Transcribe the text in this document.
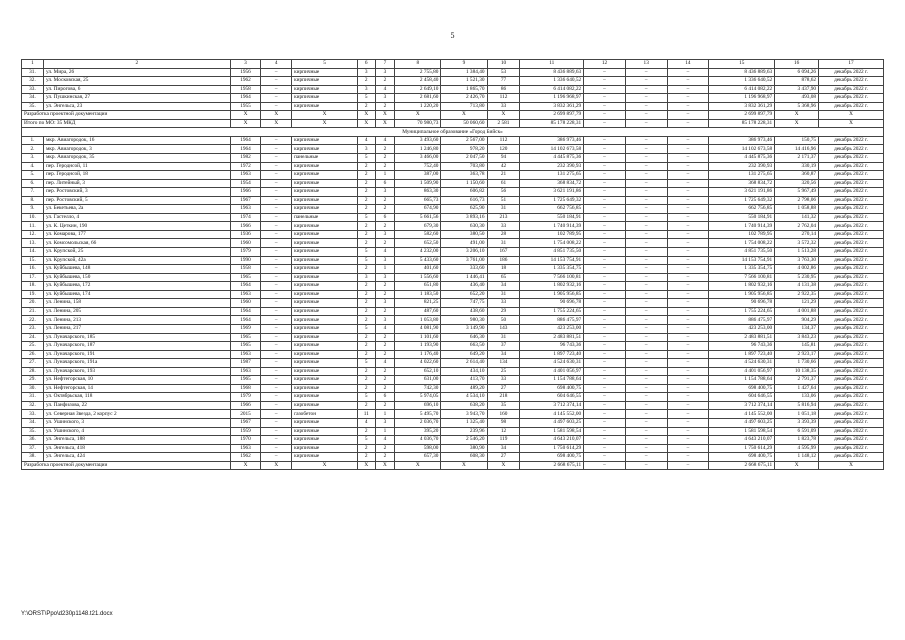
5
1	2	3	4	5	6	7	8	9	10	11	12	13	14	15	16	17
31.	ул. Мира, 26	1956	–	кирпичные	3	3	2 755,80	1 384,40	53	8 436 889,63	–	–	–	8 436 889,63	6 094,26	декабрь 2022 г.
32.	ул. Московская, 25	1962	–	кирпичные	2	2	2 458,40	1 521,30	77	1 336 640,52	–	–	–	1 336 640,52	878,62	декабрь 2022 г.
33.	ул. Пирогова, 6	1958	–	кирпичные	3	4	2 649,10	1 865,70	86	6 414 082,22	–	–	–	6 414 082,22	3 437,90	декабрь 2022 г.
34.	ул. Пушкинская, 27	1964	–	кирпичные	5	3	2 681,60	2 426,70	112	1 196 968,97	–	–	–	1 196 968,97	493,08	декабрь 2022 г.
35.	ул. Энгельса, 23	1955	–	кирпичные	2	2	1 220,20	713,80	33	3 832 361,29	–	–	–	3 832 361,29	5 368,96	декабрь 2022 г.
Разработка проектной документации		X	X	X	X	X	X	X	X	2 699 897,79	–	–	–	2 699 897,79	X	X
Итого по МО: 35 МКД		X	X	X	X	X	70 980,73	50 060,60	2 581	85 178 228,31	–	–	–	85 178 228,31	X	X
Муниципальное образование «Город Бийск»																
1.	мкр. Авиагородок, 16	1964	–	кирпичные	4	4	3 493,60	2 567,00	112	386 973,46	–	–	–	386 973,46	150,75	декабрь 2022 г.
2.	мкр. Авиагородок, 3	1964	–	кирпичные	3	2	1 246,80	978,20	120	14 102 673,58	–	–	–	14 102 673,58	14 416,96	декабрь 2022 г.
3.	мкр. Авиагородок, 35	1982	–	панельные	5	2	3 466,00	2 047,50	94	4 445 875,36	–	–	–	4 445 875,36	2 171,37	декабрь 2022 г.
4.	пер. Героднсой, 11	1972	–	кирпичные	2	2	752,40	703,80	42	232 390,93	–	–	–	232 390,93	330,19	декабрь 2022 г.
5.	пер. Героднсой, 18	1963	–	кирпичные	2	1	387,00	363,78	21	131 275,65	–	–	–	131 275,65	360,87	декабрь 2022 г.
6.	пер. Литейный, 3	1954	–	кирпичные	2	6	1 509,90	1 150,60	61	368 834,72	–	–	–	368 834,72	320,56	декабрь 2022 г.
7.	пер. Ростовский, 3	1966	–	кирпичные	2	3	863,30	606,82	56	3 621 191,86	–	–	–	3 621 191,86	5 967,49	декабрь 2022 г.
8.	пер. Ростовский, 5	1967	–	кирпичные	2	2	665,73	616,73	51	1 725 649,32	–	–	–	1 725 649,32	2 798,06	декабрь 2022 г.
9.	ул. Бекетьева, 2а	1963	–	кирпичные	2	2	674,90	625,90	31	662 756,85	–	–	–	662 756,85	1 058,88	декабрь 2022 г.
10.	ул. Гастелло, 4	1974	–	панельные	5	6	5 661,56	3 893,16	213	550 184,91	–	–	–	550 184,91	141,32	декабрь 2022 г.
11.	ул. К. Цеткин, 190	1966	–	кирпичные	2	2	679,30	630,30	33	1 740 914,39	–	–	–	1 740 914,39	2 762,04	декабрь 2022 г.
12.	ул. Комарова, 177	1936	–	кирпичные	2	3	582,60	380,50	28	102 789,95	–	–	–	102 789,95	270,14	декабрь 2022 г.
13.	ул. Комсомольская, 66	1960	–	кирпичные	2	2	652,50	491,00	31	1 754 008,22	–	–	–	1 754 008,22	3 572,32	декабрь 2022 г.
14.	ул. Крупской, 25	1979	–	кирпичные	5	4	4 232,00	3 206,10	167	4 851 735,50	–	–	–	4 851 735,50	1 513,28	декабрь 2022 г.
15.	ул. Крупской, 42а	1990	–	кирпичные	5	3	5 433,60	3 761,00	186	14 153 754,91	–	–	–	14 153 754,91	3 763,30	декабрь 2022 г.
16.	ул. Куйбышева, 148	1958	–	кирпичные	2	1	401,60	333,60	18	1 335 354,75	–	–	–	1 335 354,75	4 002,86	декабрь 2022 г.
17.	ул. Куйбышева, 150	1965	–	кирпичные	3	3	1 556,60	1 446,41	65	7 566 100,81	–	–	–	7 566 100,81	5 230,95	декабрь 2022 г.
18.	ул. Куйбышева, 172	1964	–	кирпичные	2	2	651,80	436,40	34	1 802 932,16	–	–	–	1 802 932,16	4 131,38	декабрь 2022 г.
19.	ул. Куйбышева, 174	1963	–	кирпичные	2	2	1 183,50	652,20	31	1 905 956,85	–	–	–	1 905 956,85	2 922,35	декабрь 2022 г.
20.	ул. Ленина, 158	1960	–	кирпичные	2	3	821,25	747,75	33	90 696,78	–	–	–	90 696,78	121,29	декабрь 2022 г.
21.	ул. Ленина, 205	1964	–	кирпичные	2	2	487,60	438,60	29	1 755 224,65	–	–	–	1 755 224,65	4 001,88	декабрь 2022 г.
22.	ул. Ленина, 213	1964	–	кирпичные	2	3	1 053,80	980,30	50	886 475,97	–	–	–	886 475,97	904,29	декабрь 2022 г.
23.	ул. Ленина, 217	1969	–	кирпичные	5	4	4 081,90	3 149,90	143	423 253,00	–	–	–	423 253,00	134,37	декабрь 2022 г.
24.	ул. Луначарского, 185	1965	–	кирпичные	2	2	1 101,60	646,30	31	2 483 881,51	–	–	–	2 483 881,51	3 843,23	декабрь 2022 г.
25.	ул. Луначарского, 187	1965	–	кирпичные	2	2	1 193,90	663,50	37	96 743,36	–	–	–	96 743,36	145,81	декабрь 2022 г.
26.	ул. Луначарского, 191	1963	–	кирпичные	2	2	1 176,40	649,20	34	1 897 723,40	–	–	–	1 897 723,40	2 923,17	декабрь 2022 г.
27.	ул. Луначарского, 191а	1987	–	кирпичные	5	4	4 022,60	2 614,40	134	4 524 630,31	–	–	–	4 524 630,31	1 730,66	декабрь 2022 г.
28.	ул. Луначарского, 193	1963	–	кирпичные	2	2	652,10	434,10	25	4 401 056,97	–	–	–	4 401 056,97	10 138,35	декабрь 2022 г.
29.	ул. Нефтегорская, 10	1965	–	кирпичные	2	2	631,00	413,70	33	1 154 788,64	–	–	–	1 154 788,64	2 791,37	декабрь 2022 г.
30.	ул. Нефтегорская, 14	1968	–	кирпичные	2	2	742,30	489,20	27	698 400,75	–	–	–	698 400,75	1 427,64	декабрь 2022 г.
31.	ул. Октябрьская, 118	1979	–	кирпичные	5	6	5 974,05	4 534,10	218	604 646,55	–	–	–	604 646,55	133,06	декабрь 2022 г.
32.	ул. Панфилова, 22	1966	–	кирпичные	2	2	696,10	638,20	35	3 712 374,14	–	–	–	3 712 374,14	5 816,94	декабрь 2022 г.
33.	ул. Северная Звезда, 2 корпус 2	2015	–	газобетон	11	1	5 495,70	3 943,70	160	4 145 552,00	–	–	–	4 145 552,00	1 051,18	декабрь 2022 г.
34.	ул. Ушинского, 3	1967	–	кирпичные	4	3	2 036,70	1 325,40	98	4 497 603,25	–	–	–	4 497 603,25	3 393,39	декабрь 2022 г.
35.	ул. Ушинского, 4	1959	–	кирпичные	2	1	395,20	239,96	12	1 581 598,54	–	–	–	1 581 598,54	6 591,09	декабрь 2022 г.
36.	ул. Энгельса, 188	1970	–	кирпичные	5	4	4 036,70	2 546,20	119	4 643 210,07	–	–	–	4 643 210,07	1 823,78	декабрь 2022 г.
37.	ул. Энгельса, 418	1963	–	кирпичные	2	2	598,00	380,90	34	1 750 614,29	–	–	–	1 750 614,29	4 595,99	декабрь 2022 г.
38.	ул. Энгельса, 424	1962	–	кирпичные	2	2	657,30	608,30	27	698 400,75	–	–	–	698 400,75	1 148,12	декабрь 2022 г.
Разработка проектной документации		X	X	X	X	X	X	X	X	2 668 675,11	–	–	–	2 668 675,11	X	X
Y:\ORST\Ppo\d230p1148.t21.docx
